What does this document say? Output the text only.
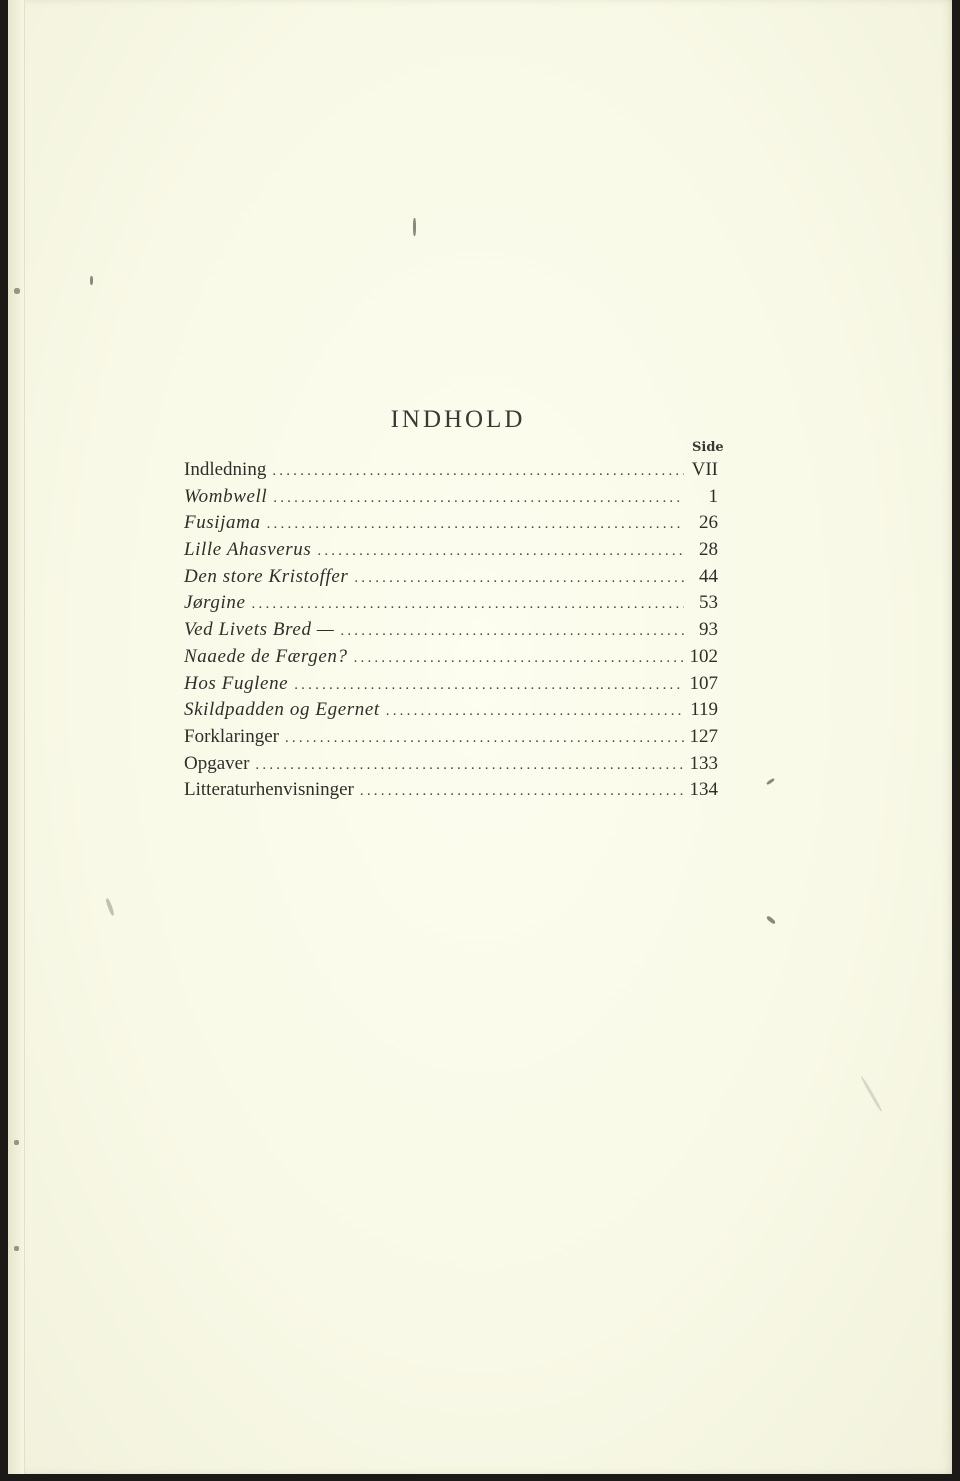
INDHOLD
Side
Indledning .....	VII
Wombwell .....	1
Fusijama .....	26
Lille Ahasverus .....	28
Den store Kristoffer .....	44
Jørgine .....	53
Ved Livets Bred — .....	93
Naaede de Færgen? .....	102
Hos Fuglene .....	107
Skildpadden og Egernet .....	119
Forklaringer .....	127
Opgaver .....	133
Litteraturhenvisninger .....	134
